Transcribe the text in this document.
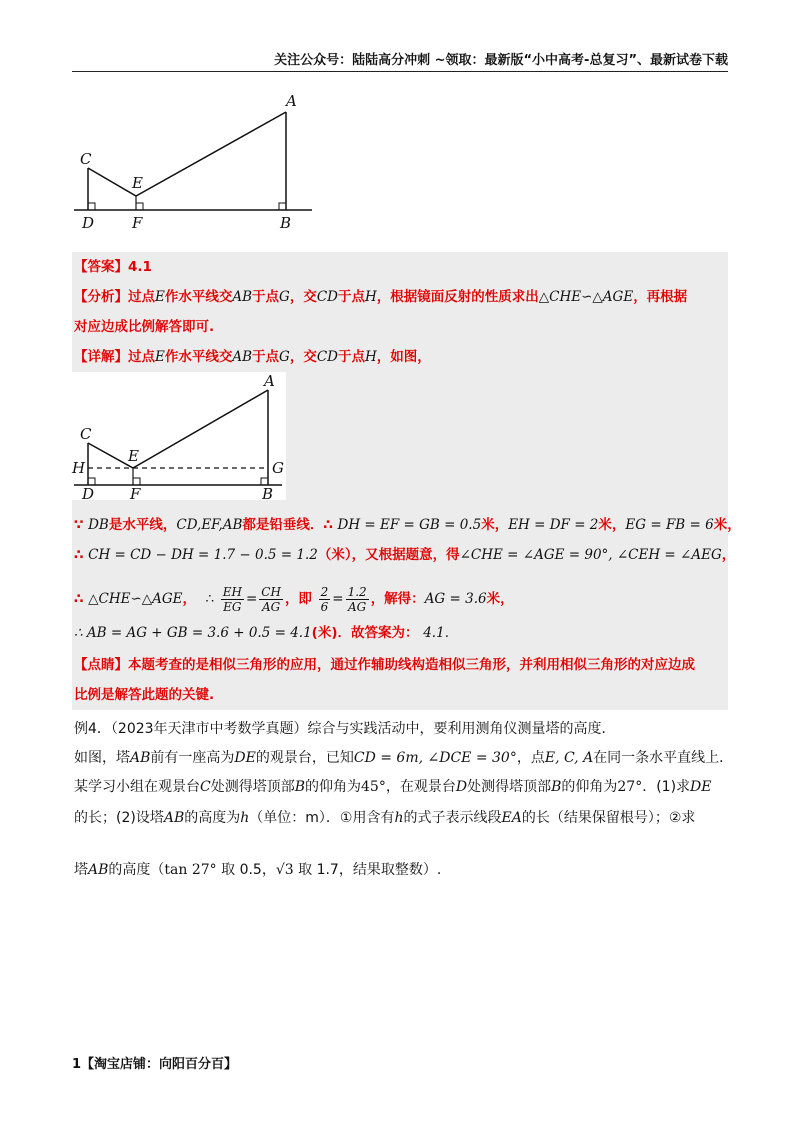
关注公众号：陆陆高分冲刺 ~领取：最新版“小中高考-总复习”、最新试卷下载
A
C
E
D	F	B
【答案】4.1
【分析】过点E作水平线交AB于点G，交CD于点H，根据镜面反射的性质求出△CHE∽△AGE，再根据
对应边成比例解答即可.
【详解】过点E作水平线交AB于点G，交CD于点H，如图，
A
C
E
H	G
D F	B
∵ DB是水平线，CD,EF,AB都是铅垂线．∴ DH = EF = GB = 0.5米，EH = DF = 2米，EG = FB = 6米，
∴ CH = CD − DH = 1.7 − 0.5 = 1.2（米），又根据题意，得∠CHE = ∠AGE = 90°, ∠CEH = ∠AEG，
∴ △CHE∽△AGE， ∴ $\frac{EH}{EG} = \frac{CH}{AG}$ ，即 $\frac{2}{6} = \frac{1.2}{AG}$ ，解得：AG = 3.6米，
∴ AB = AG + GB = 3.6 + 0.5 = 4.1(米)．故答案为： 4.1.
【点睛】本题考查的是相似三角形的应用，通过作辅助线构造相似三角形，并利用相似三角形的对应边成
比例是解答此题的关键.
例4．（2023年天津市中考数学真题）综合与实践活动中，要利用测角仪测量塔的高度．
如图，塔AB前有一座高为DE的观景台，已知CD = 6m, ∠DCE = 30°，点E, C, A在同一条水平直线上．
某学习小组在观景台C处测得塔顶部B的仰角为45°，在观景台D处测得塔顶部B的仰角为27°．(1)求DE
的长；(2)设塔AB的高度为h（单位：m）．①用含有h的式子表示线段EA的长（结果保留根号）；②求
塔AB的高度（tan 27° 取 0.5，√3 取 1.7，结果取整数）.
1【淘宝店铺：向阳百分百】
